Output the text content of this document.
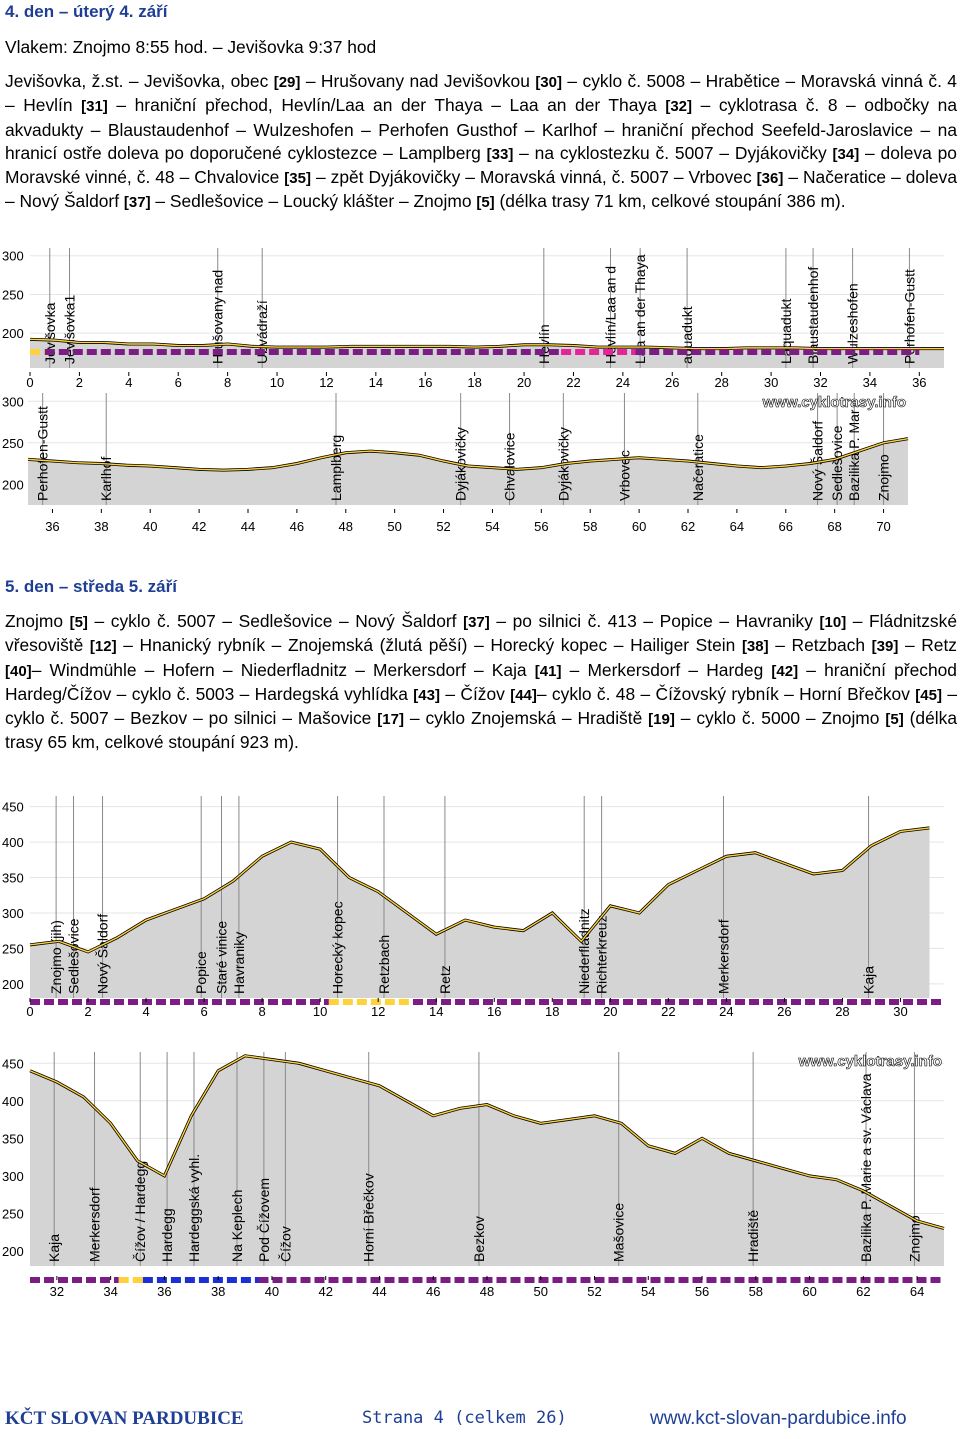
4. den – úterý 4. září
Vlakem: Znojmo 8:55 hod. – Jevišovka 9:37 hod

Jevišovka, ž.st. – Jevišovka, obec [29] – Hrušovany nad Jevišovkou [30] – cyklo č. 5008 – Hrabětice – Moravská vinná č. 4 – Hevlín [31] – hraniční přechod, Hevlín/Laa an der Thaya – Laa an der Thaya [32] – cyklotrasa č. 8 – odbočky na akvadukty – Blaustaudenhof – Wulzeshofen – Perhofen Gusthof – Karlhof – hraniční přechod Seefeld-Jaroslavice – na hranicí ostře doleva po doporučené cyklostezce – Lamplberg [33] – na cyklostezku č. 5007 – Dyjákovičky [34] – doleva po Moravské vinné, č. 48 – Chvalovice [35] – zpět Dyjákovičky – Moravská vinná, č. 5007 – Vrbovec [36] – Načeratice – doleva – Nový Šaldorf [37] – Sedlešovice – Loucký klášter – Znojmo [5] (délka trasy 71 km, celkové stoupání 386 m).

200
250
300
Jevišovka Jevišovka1	Hrušovany nad Ubvádraží	Hevlín	Hevlín/Laa an d Laa an der Thaya aquadukt	Laquadukt Blaustaudenhof Wulzeshofen	Perhofen-Gustt
0	2	4	6	8	10	12	14	16	18	20	22	24	26	28	30	32	34	36
200
250
300
Perhofen-Gustt	Karlhof	Lamplberg	Dyjákovičky Chvalovice	Dyjákovičky	Vrbovec	Načeratice	Nový Šaldorf Sedlešovice Bazilika P. Mar Znojmo
36	38	40	42	44	46	48	50	52	54	56	58	60	62	64	66	68	70
www.cyklotrasy.info
5. den – středa 5. září

Znojmo [5] – cyklo č. 5007 – Sedlešovice – Nový Šaldorf [37] – po silnici č. 413 – Popice – Havraniky [10] – Fládnitzské vřesoviště [12] – Hnanický rybník – Znojemská (žlutá pěší) – Horecký kopec – Hailiger Stein [38] – Retzbach [39] – Retz [40]– Windmühle – Hofern – Niederfladnitz – Merkersdorf – Kaja [41] – Merkersdorf – Hardeg [42] – hraniční přechod Hardeg/Čížov – cyklo č. 5003 – Hardegská vyhlídka [43] – Čížov [44]– cyklo č. 48 – Čížovský rybník – Horní Břečkov [45] – cyklo č. 5007 – Bezkov – po silnici – Mašovice [17] – cyklo Znojemská – Hradiště [19] – cyklo č. 5000 – Znojmo [5] (délka trasy 65 km, celkové stoupání 923 m).

200
250
300
350
400
450
Znojmo (jih) Sedlešovice Nový Šaldorf	Popice Staré vinice Havraniky	Horecký kopec Retzbach	Retz	Niederfladnitz Richterkreuz	Merkersdorf	Kaja
0	2	4	6	8	10	12	14	16	18	20	22	24	26	28	30
200
250
300
350
400
450
Kaja Merkersdorf Čížov / Hardegg Hardegg Hardeggská vyhl. Na Keplech Pod Čížovem Čížov	Horní Břečkov	Bezkov	Mašovice	Hradiště	Bazilika P. Marie a sv. Václava Znojmo
32	34	36	38	40	42	44	46	48	50	52	54	56	58	60	62	64
www.cyklotrasy.info
KČT SLOVAN PARDUBICE	Strana 4 (celkem 26)	www.kct-slovan-pardubice.info
